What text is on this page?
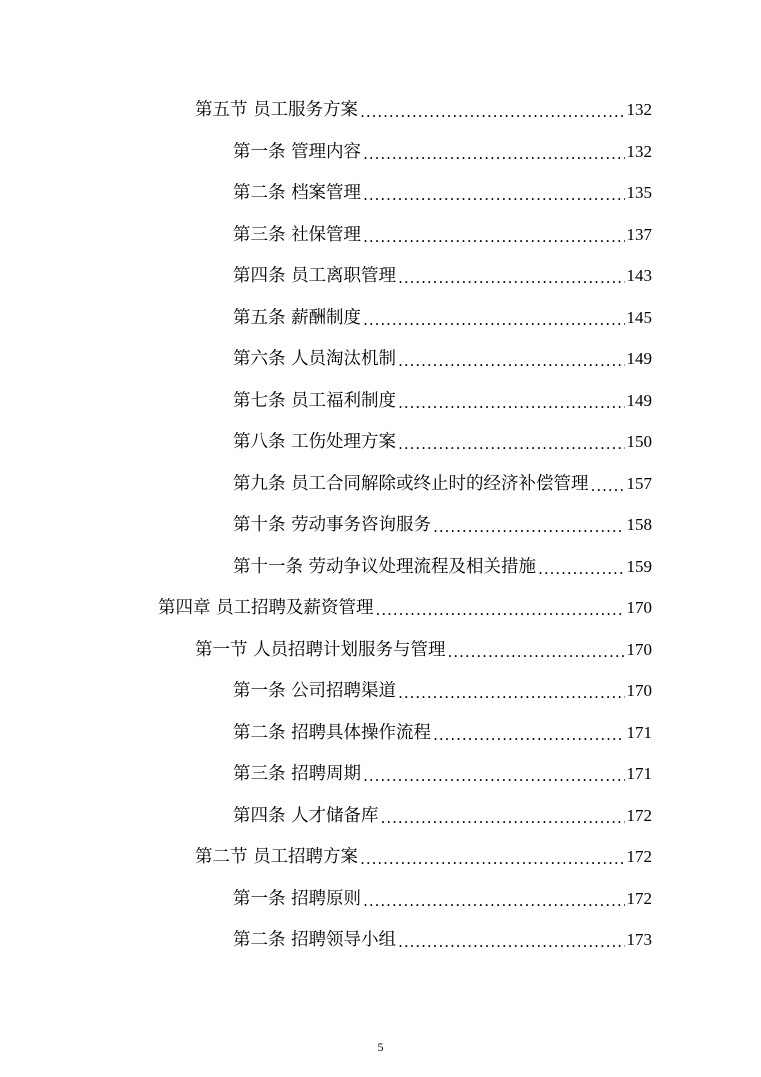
第五节 员工服务方案 .....	132
第一条 管理内容 .....	132
第二条 档案管理 .....	135
第三条 社保管理 .....	137
第四条 员工离职管理 .....	143
第五条 薪酬制度 .....	145
第六条 人员淘汰机制 .....	149
第七条 员工福利制度 .....	149
第八条 工伤处理方案 .....	150
第九条 员工合同解除或终止时的经济补偿管理 ..... 157
第十条 劳动事务咨询服务 .....	158
第十一条 劳动争议处理流程及相关措施 .....	159
第四章 员工招聘及薪资管理 .....	170
第一节 人员招聘计划服务与管理 .....	170
第一条 公司招聘渠道 .....	170
第二条 招聘具体操作流程 .....	171
第三条 招聘周期 .....	171
第四条 人才储备库 .....	172
第二节 员工招聘方案 .....	172
第一条 招聘原则 .....	172
第二条 招聘领导小组 .....	173
5
